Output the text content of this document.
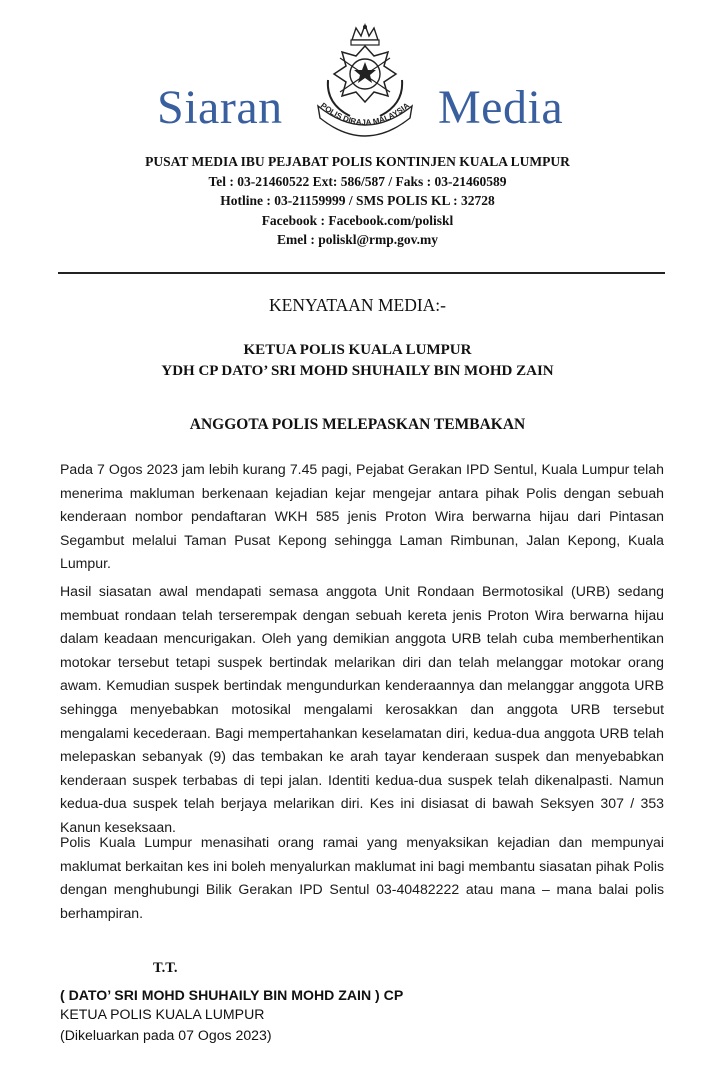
Siaran	POLIS DIRAJA MALAYSIA Media
PUSAT MEDIA IBU PEJABAT POLIS KONTINJEN KUALA LUMPUR
Tel : 03-21460522 Ext: 586/587 / Faks : 03-21460589
Hotline : 03-21159999 / SMS POLIS KL : 32728
Facebook : Facebook.com/poliskl
Emel : poliskl@rmp.gov.my
KENYATAAN MEDIA:-
KETUA POLIS KUALA LUMPUR
YDH CP DATO’ SRI MOHD SHUHAILY BIN MOHD ZAIN
ANGGOTA POLIS MELEPASKAN TEMBAKAN
Pada 7 Ogos 2023 jam lebih kurang 7.45 pagi, Pejabat Gerakan IPD Sentul, Kuala Lumpur telah menerima makluman berkenaan kejadian kejar mengejar antara pihak Polis dengan sebuah kenderaan nombor pendaftaran WKH 585 jenis Proton Wira berwarna hijau dari Pintasan Segambut melalui Taman Pusat Kepong sehingga Laman Rimbunan, Jalan Kepong, Kuala Lumpur.
Hasil siasatan awal mendapati semasa anggota Unit Rondaan Bermotosikal (URB) sedang membuat rondaan telah terserempak dengan sebuah kereta jenis Proton Wira berwarna hijau dalam keadaan mencurigakan. Oleh yang demikian anggota URB telah cuba memberhentikan motokar tersebut tetapi suspek bertindak melarikan diri dan telah melanggar motokar orang awam. Kemudian suspek bertindak mengundurkan kenderaannya dan melanggar anggota URB sehingga menyebabkan motosikal mengalami kerosakkan dan anggota URB tersebut mengalami kecederaan. Bagi mempertahankan keselamatan diri, kedua-dua anggota URB telah melepaskan sebanyak (9) das tembakan ke arah tayar kenderaan suspek dan menyebabkan kenderaan suspek terbabas di tepi jalan. Identiti kedua-dua suspek telah dikenalpasti. Namun kedua-dua suspek telah berjaya melarikan diri. Kes ini disiasat di bawah Seksyen 307 / 353 Kanun keseksaan.
Polis Kuala Lumpur menasihati orang ramai yang menyaksikan kejadian dan mempunyai maklumat berkaitan kes ini boleh menyalurkan maklumat ini bagi membantu siasatan pihak Polis dengan menghubungi Bilik Gerakan IPD Sentul 03-40482222 atau mana – mana balai polis berhampiran.
T.T.
( DATO’ SRI MOHD SHUHAILY BIN MOHD ZAIN ) CP
KETUA POLIS KUALA LUMPUR
(Dikeluarkan pada 07 Ogos 2023)
